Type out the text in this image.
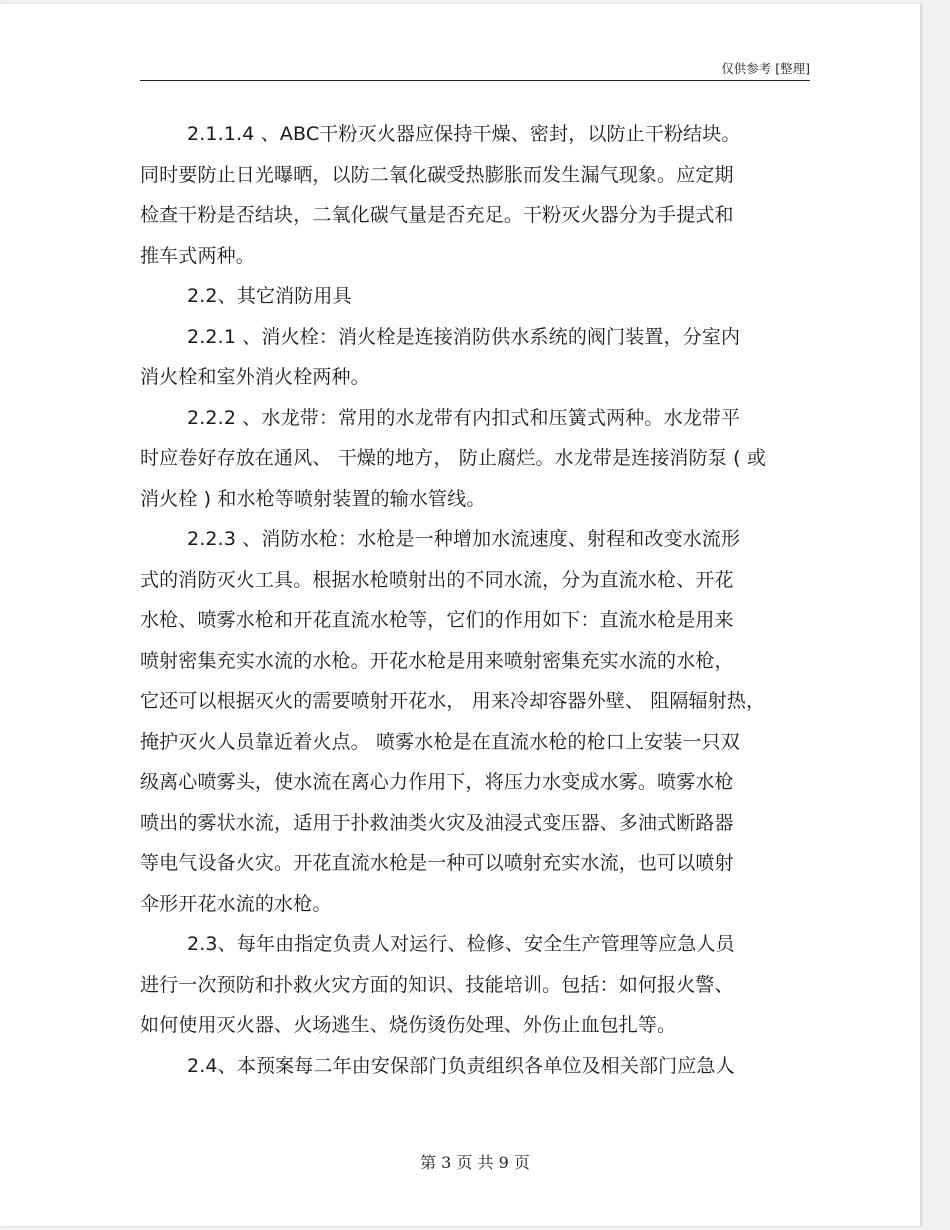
仅供参考 [整理]
2.1.1.4 、ABC干粉灭火器应保持干燥、密封，以防止干粉结块。
同时要防止日光曝晒，以防二氧化碳受热膨胀而发生漏气现象。应定期
检查干粉是否结块，二氧化碳气量是否充足。干粉灭火器分为手提式和
推车式两种。
2.2、其它消防用具
2.2.1 、消火栓：消火栓是连接消防供水系统的阀门装置，分室内
消火栓和室外消火栓两种。
2.2.2 、水龙带：常用的水龙带有内扣式和压簧式两种。水龙带平
时应卷好存放在通风、 干燥的地方， 防止腐烂。水龙带是连接消防泵 ( 或
消火栓 ) 和水枪等喷射装置的输水管线。
2.2.3 、消防水枪：水枪是一种增加水流速度、射程和改变水流形
式的消防灭火工具。根据水枪喷射出的不同水流，分为直流水枪、开花
水枪、喷雾水枪和开花直流水枪等，它们的作用如下：直流水枪是用来
喷射密集充实水流的水枪。开花水枪是用来喷射密集充实水流的水枪，
它还可以根据灭火的需要喷射开花水， 用来冷却容器外壁、 阻隔辐射热，
掩护灭火人员靠近着火点。 喷雾水枪是在直流水枪的枪口上安装一只双
级离心喷雾头，使水流在离心力作用下，将压力水变成水雾。喷雾水枪
喷出的雾状水流，适用于扑救油类火灾及油浸式变压器、多油式断路器
等电气设备火灾。开花直流水枪是一种可以喷射充实水流，也可以喷射
伞形开花水流的水枪。
2.3、每年由指定负责人对运行、检修、安全生产管理等应急人员
进行一次预防和扑救火灾方面的知识、技能培训。包括：如何报火警、
如何使用灭火器、火场逃生、烧伤烫伤处理、外伤止血包扎等。
2.4、本预案每二年由安保部门负责组织各单位及相关部门应急人
第 3 页 共 9 页
